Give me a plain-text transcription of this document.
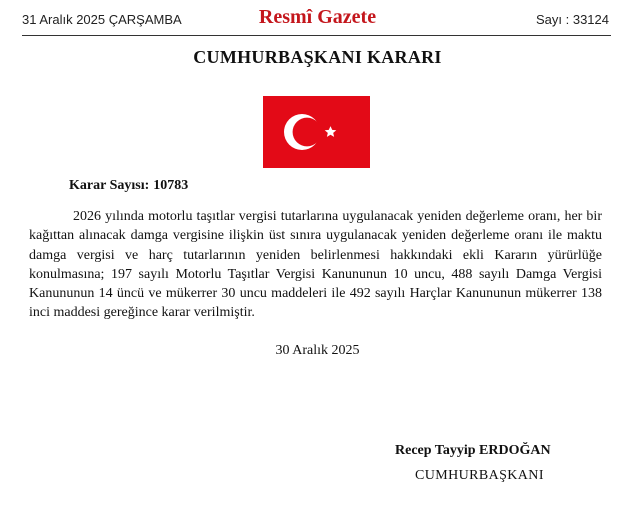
31 Aralık 2025 ÇARŞAMBA	Resmî Gazete	Sayı : 33124
CUMHURBAŞKANI KARARI
Karar Sayısı: 10783

2026 yılında motorlu taşıtlar vergisi tutarlarına uygulanacak yeniden değerleme oranı, her bir kağıttan alınacak damga vergisine ilişkin üst sınıra uygulanacak yeniden değerleme oranı ile maktu damga vergisi ve harç tutarlarının yeniden belirlenmesi hakkındaki ekli Kararın yürürlüğe konulmasına; 197 sayılı Motorlu Taşıtlar Vergisi Kanununun 10 uncu, 488 sayılı Damga Vergisi Kanununun 14 üncü ve mükerrer 30 uncu maddeleri ile 492 sayılı Harçlar Kanununun mükerrer 138 inci maddesi gereğince karar verilmiştir.

30 Aralık 2025
Recep Tayyip ERDOĞAN
CUMHURBAŞKANI
